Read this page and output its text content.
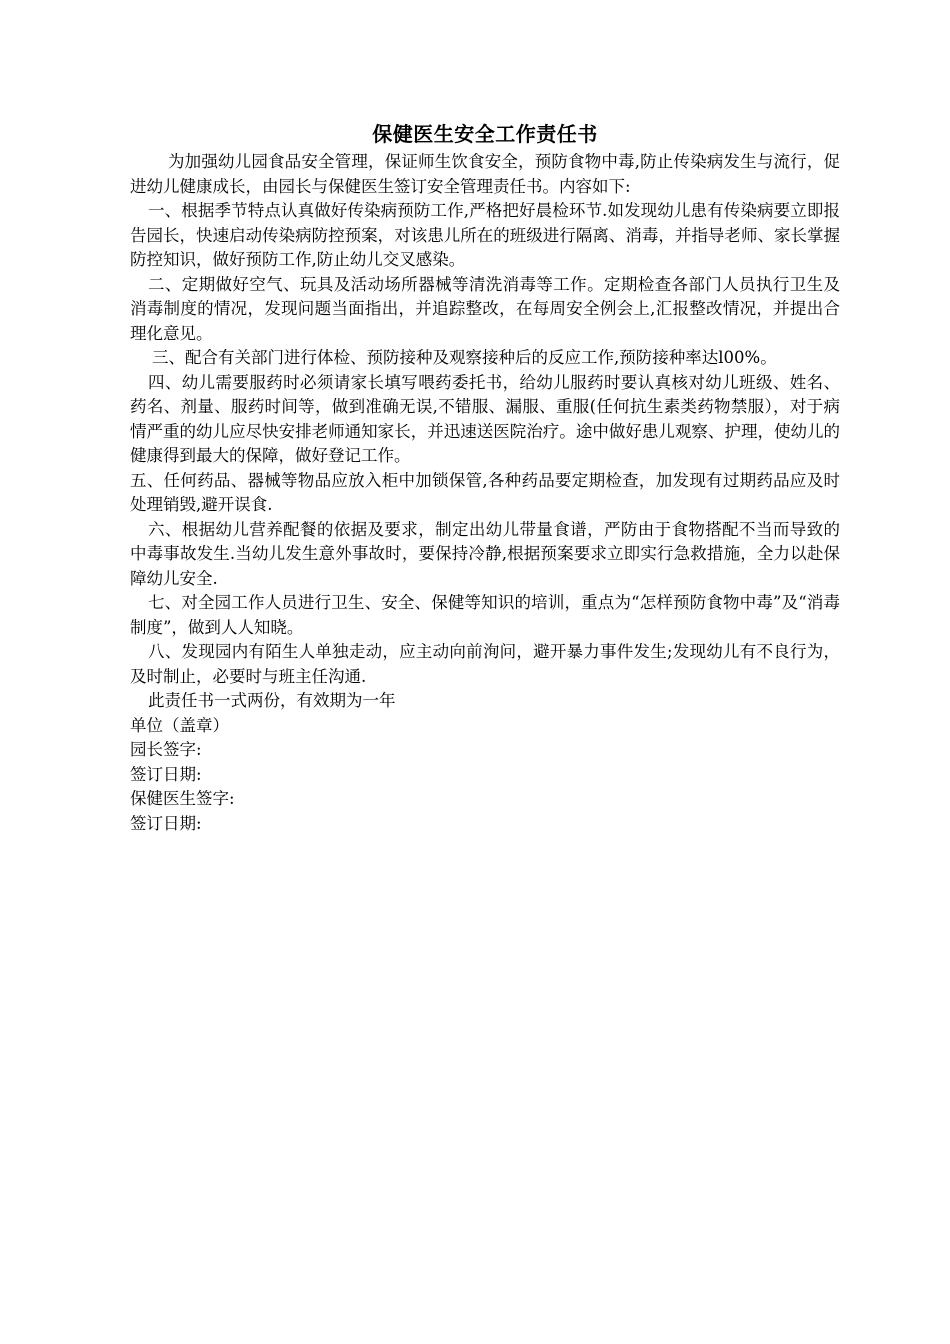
保健医生安全工作责任书

为加强幼儿园食品安全管理，保证师生饮食安全，预防食物中毒,防止传染病发生与流行，促进幼儿健康成长，由园长与保健医生签订安全管理责任书。内容如下:

一、根据季节特点认真做好传染病预防工作,严格把好晨检环节.如发现幼儿患有传染病要立即报告园长，快速启动传染病防控预案，对该患儿所在的班级进行隔离、消毒，并指导老师、家长掌握防控知识，做好预防工作,防止幼儿交叉感染。

二、定期做好空气、玩具及活动场所器械等清洗消毒等工作。定期检查各部门人员执行卫生及消毒制度的情况，发现问题当面指出，并追踪整改，在每周安全例会上,汇报整改情况，并提出合理化意见。

三、配合有关部门进行体检、预防接种及观察接种后的反应工作,预防接种率达l00%。

四、幼儿需要服药时必须请家长填写喂药委托书，给幼儿服药时要认真核对幼儿班级、姓名、药名、剂量、服药时间等，做到准确无误,不错服、漏服、重服(任何抗生素类药物禁服），对于病情严重的幼儿应尽快安排老师通知家长，并迅速送医院治疗。途中做好患儿观察、护理，使幼儿的健康得到最大的保障，做好登记工作。

五、任何药品、器械等物品应放入柜中加锁保管,各种药品要定期检查，加发现有过期药品应及时处理销毁,避开误食.

六、根据幼儿营养配餐的依据及要求，制定出幼儿带量食谱，严防由于食物搭配不当而导致的中毒事故发生.当幼儿发生意外事故时，要保持冷静,根据预案要求立即实行急救措施，全力以赴保障幼儿安全.

七、对全园工作人员进行卫生、安全、保健等知识的培训，重点为“怎样预防食物中毒”及“消毒制度”，做到人人知晓。

八、发现园内有陌生人单独走动，应主动向前洵问，避开暴力事件发生;发现幼儿有不良行为，及时制止，必要时与班主任沟通.

此责任书一式两份，有效期为一年

单位（盖章）

园长签字:

签订日期:

保健医生签字:

签订日期:
